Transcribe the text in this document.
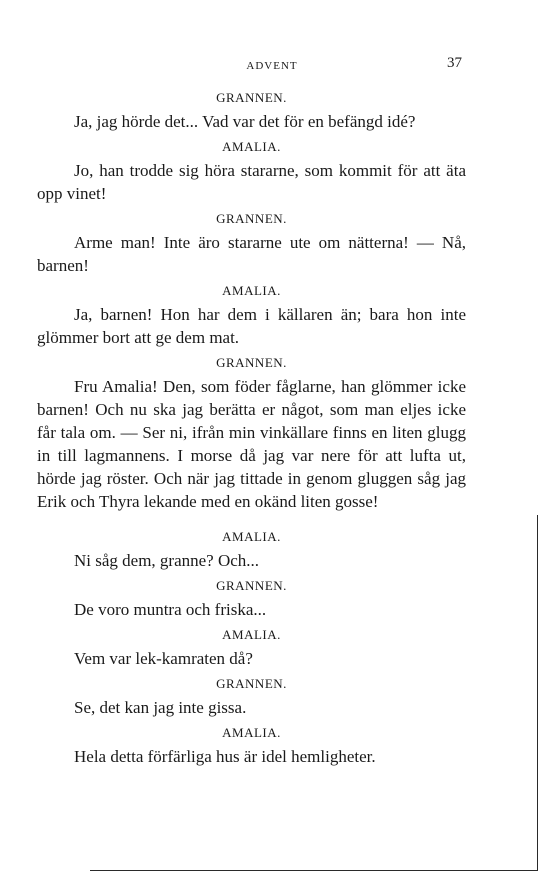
ADVENT	37
GRANNEN.

Ja, jag hörde det... Vad var det för en befängd idé?

AMALIA.

Jo, han trodde sig höra stararne, som kommit för att äta opp vinet!

GRANNEN.

Arme man! Inte äro stararne ute om nätterna! — Nå, barnen!

AMALIA.

Ja, barnen! Hon har dem i källaren än; bara hon inte glömmer bort att ge dem mat.

GRANNEN.

Fru Amalia! Den, som föder fåglarne, han glömmer icke barnen! Och nu ska jag berätta er något, som man eljes icke får tala om. — Ser ni, ifrån min vinkällare finns en liten glugg in till lagmannens. I morse då jag var nere för att lufta ut, hörde jag röster. Och när jag tittade in genom gluggen såg jag Erik och Thyra lekande med en okänd liten gosse!

AMALIA.

Ni såg dem, granne? Och...

GRANNEN.

De voro muntra och friska...

AMALIA.

Vem var lek-kamraten då?

GRANNEN.

Se, det kan jag inte gissa.

AMALIA.

Hela detta förfärliga hus är idel hemligheter.
